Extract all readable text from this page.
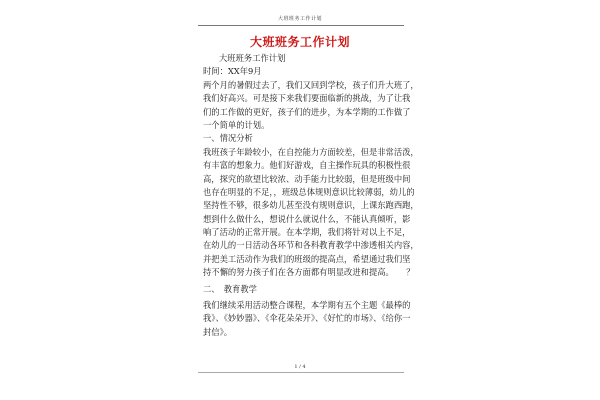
大班班务工作计划
大班班务工作计划
大班班务工作计划
时间：XX年9月
两个月的暑假过去了，我们又回到学校，孩子们升大班了，
我们好高兴。可是接下来我们要面临新的挑战，为了让我
们的工作做的更好，孩子们的进步，为本学期的工作做了
一个简单的计划。
一、情况分析
我班孩子年龄较小，在自控能力方面较差，但是非常活泼，
有丰富的想象力。他们好游戏，自主操作玩具的积极性很
高，探究的欲望比较浓、动手能力比较弱，但是班级中间
也存在明显的不足，，班级总体规则意识比较薄弱，幼儿的
坚持性不够，很多幼儿甚至没有规则意识，上课东跑西跑，
想到什么做什么，想说什么就说什么，不能认真倾听，影
响了活动的正常开展。在本学期，我们将针对以上不足，
在幼儿的一日活动各环节和各科教育教学中渗透相关内容，
并把美工活动作为我们的班级的提高点，希望通过我们坚
持不懈的努力孩子们在各方面都有明显改进和提高。　　？
二、　教育教学
我们继续采用活动整合课程，本学期有五个主题《最棒的
我》、《妙妙器》、《伞花朵朵开》、《好忙的市场》、《给你一
封信》。
1 / 4
